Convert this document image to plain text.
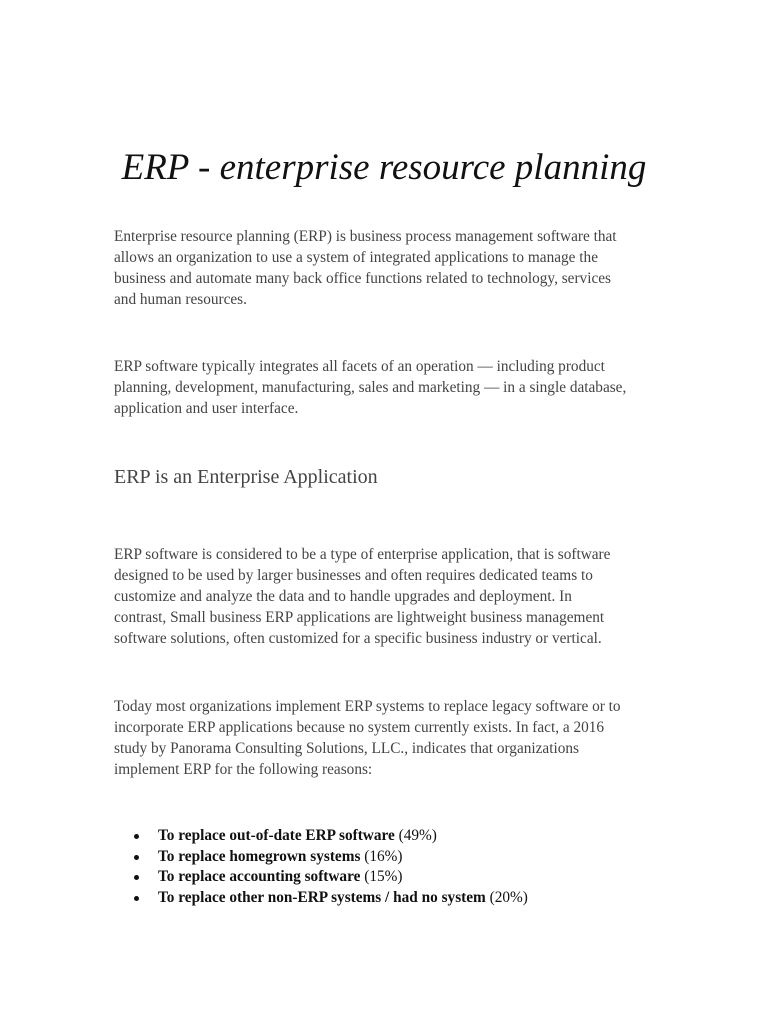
ERP - enterprise resource planning
Enterprise resource planning (ERP) is business process management software that
allows an organization to use a system of integrated applications to manage the
business and automate many back office functions related to technology, services
and human resources.
ERP software typically integrates all facets of an operation — including product
planning, development, manufacturing, sales and marketing — in a single database,
application and user interface.
ERP is an Enterprise Application
ERP software is considered to be a type of enterprise application, that is software
designed to be used by larger businesses and often requires dedicated teams to
customize and analyze the data and to handle upgrades and deployment. In
contrast, Small business ERP applications are lightweight business management
software solutions, often customized for a specific business industry or vertical.
Today most organizations implement ERP systems to replace legacy software or to
incorporate ERP applications because no system currently exists. In fact, a 2016
study by Panorama Consulting Solutions, LLC., indicates that organizations
implement ERP for the following reasons:
To replace out-of-date ERP software (49%)
To replace homegrown systems (16%)
To replace accounting software (15%)
To replace other non-ERP systems / had no system (20%)
